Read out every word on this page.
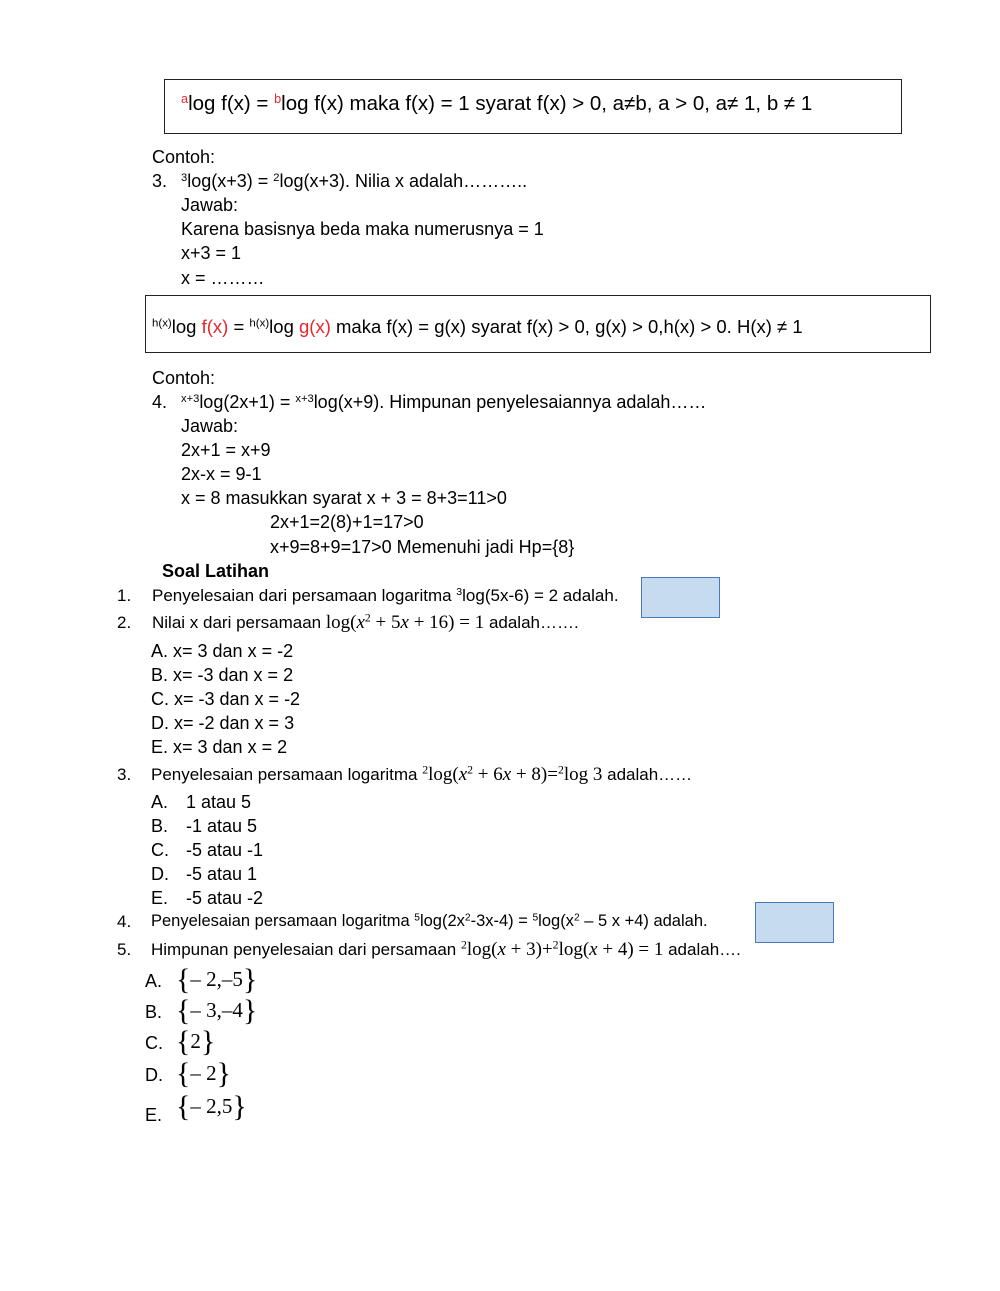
$^a$log f(x) = $^b$log f(x) maka f(x) = 1 syarat f(x) > 0, a≠b, a > 0, a≠ 1, b ≠ 1
Contoh:
3. $^3$log(x+3) = $^2$log(x+3). Nilia x adalah………..
Jawab:
Karena basisnya beda maka numerusnya = 1
x+3 = 1
x = ………
$^{h(x)}$log f(x) = $^{h(x)}$log g(x) maka f(x) = g(x) syarat f(x) > 0, g(x) > 0,h(x) > 0. H(x) ≠ 1
Contoh:
4. $^{x+3}$log(2x+1) = $^{x+3}$log(x+9). Himpunan penyelesaiannya adalah……
Jawab:
2x+1 = x+9
2x-x = 9-1
x = 8 masukkan syarat x + 3 = 8+3=11>0
2x+1=2(8)+1=17>0
x+9=8+9=17>0 Memenuhi jadi Hp={8}
Soal Latihan
1. Penyelesaian dari persamaan logaritma $^3$log(5x-6) = 2 adalah.
2. Nilai x dari persamaan $\log(x^2 + 5x + 16) = 1$ adalah…….
A. x= 3 dan x = -2
B. x= -3 dan x = 2
C. x= -3 dan x = -2
D. x= -2 dan x = 3
E. x= 3 dan x = 2
3. Penyelesaian persamaan logaritma $^2\log(x^2 + 6x + 8)=^2\log$ 3 adalah……
A. 1 atau 5
B. -1 atau 5
C. -5 atau -1
D. -5 atau 1
E. -5 atau -2
4. Penyelesaian persamaan logaritma $^5\log(2x^2-3x-4) = ^5\log(x^2 - 5$ x +4) adalah.
5. Himpunan penyelesaian dari persamaan $^2$log(x + 3)+$^2$log(x + 4) = 1 adalah….
A. {– 2,–5}
B. {– 3,–4}
C. {2}
D. {– 2}
E. {– 2,5}
